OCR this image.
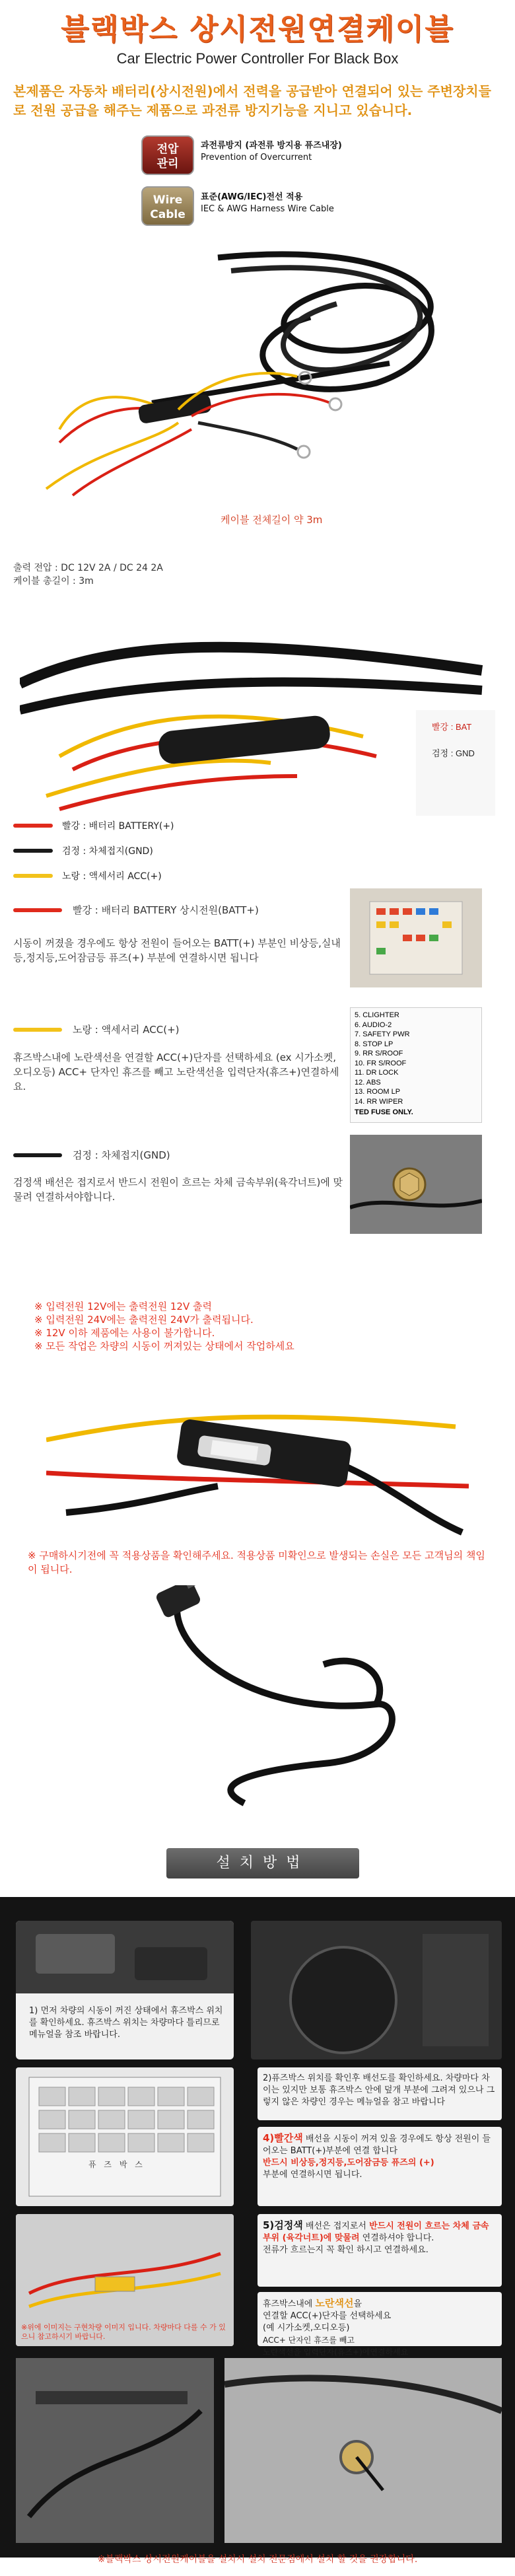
블랙박스 상시전원연결케이블
Car Electric Power Controller For Black Box
본제품은 자동차 배터리(상시전원)에서 전력을 공급받아 연결되어 있는 주변장치들로 전원 공급을 해주는 제품으로 과전류 방지기능을 지니고 있습니다.
전압
관리
과전류방지 (과전류 방지용 퓨즈내장)
Prevention of Overcurrent
Wire
Cable
표준(AWG/IEC)전선 적용
IEC & AWG Harness Wire Cable
케이블 전체길이 약 3m
출력 전압 : DC 12V 2A / DC 24 2A
케이블 총길이 : 3m
빨강 : BAT
검정 : GND
빨강 : 배터리 BATTERY(+)
검정 : 차체접지(GND)
노랑 : 액세서리 ACC(+)
빨강 : 배터리 BATTERY 상시전원(BATT+)
시동이 꺼졌을 경우에도 항상 전원이 들어오는 BATT(+) 부분인 비상등,실내등,정지등,도어잠금등 퓨즈(+) 부분에 연결하시면 됩니다
노랑 : 액세서리 ACC(+)
휴즈박스내에 노란색선을 연결할 ACC(+)단자를 선택하세요 (ex 시가소켓,오디오등) ACC+ 단자인 휴즈를 빼고 노란색선을 입력단자(휴즈+)연결하세요.
5. CLIGHTER
6. AUDIO-2
7. SAFETY PWR
8. STOP LP
9. RR S/ROOF
10. FR S/ROOF
11. DR LOCK
12. ABS
13. ROOM LP
14. RR WIPER
TED FUSE ONLY.
검정 : 차체접지(GND)
검정색 배선은 접지로서 반드시 전원이 흐르는 차체 금속부위(육각너트)에 맞물려 연결하셔야합니다.
※ 입력전원 12V에는 출력전원 12V 출력
※ 입력전원 24V에는 출력전원 24V가 출력됩니다.
※ 12V 이하 제품에는 사용이 불가합니다.
※ 모든 작업은 차량의 시동이 꺼져있는 상태에서 작업하세요
※ 구매하시기전에 꼭 적용상품을 확인해주세요. 적용상품 미확인으로 발생되는 손실은 모든 고객님의 책임이 됩니다.
설치방법
1) 먼저 차량의 시동이 꺼진 상태에서 휴즈박스 위치를 확인하세요. 휴즈박스 위치는 차량마다 틀리므로 메뉴얼을 참조 바랍니다.
퓨 즈 박 스
2)퓨즈박스 위치를 확인후 배선도를 확인하세요. 차량마다 차이는 있지만 보통 휴즈박스 안에 덮개 부분에 그려져 있으나 그렇지 않은 차량인 경우는 메뉴얼을 참고 바랍니다
4)빨간색 배선을 시동이 꺼져 있을 경우에도 항상 전원이 들어오는 BATT(+)부분에 연결 합니다
반드시 비상등,정지등,도어잠금등 퓨즈의 (+)
부분에 연결하시면 됩니다.
※위에 이미지는 구현차량 이미지 입니다. 차량마다 다를 수 가 있으니 참고하시기 바랍니다.
5)검정색 배선은 접지로서 반드시 전원이 흐르는 차체 금속 부위 (육각너트)에 맞물려 연결하셔야 합니다.
전류가 흐르는지 꼭 확인 하시고 연결하세요.
휴즈박스내에 노란색선을
연결할 ACC(+)단자를 선택하세요
(예 시가소켓,오디오등)
ACC+ 단자인 휴즈를 빼고
노란색선을 입력단자(휴즈+)에연결하세요
※블랙박스 상시전원케이블을 설치시 설치 전문점에서 설치 할 것을 권장합니다.
